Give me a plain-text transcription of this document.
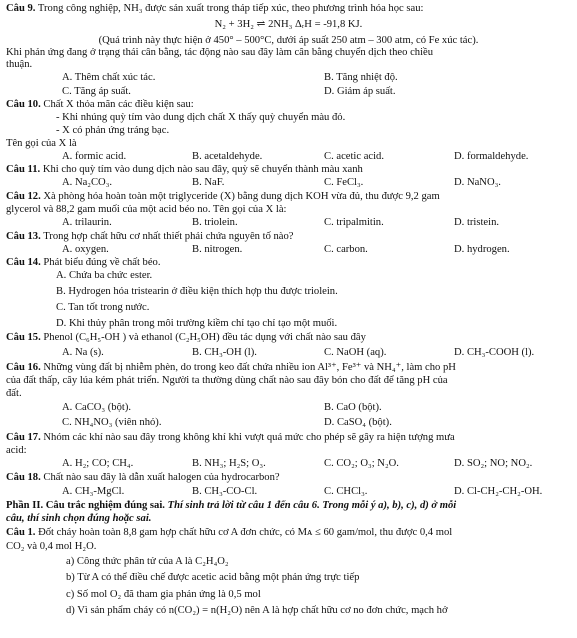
Câu 9. Trong công nghiệp, NH₃ được sản xuất trong tháp tiếp xúc, theo phương trình hóa học sau:
N₂ + 3H₂ ⇌ 2NH₃ ΔᵣH = -91,8 KJ.
(Quá trình này thực hiện ở 450° – 500°C, dưới áp suất 250 atm – 300 atm, có Fe xúc tác).
Khi phản ứng đang ở trạng thái cân bằng, tác động nào sau đây làm cân bằng chuyển dịch theo chiều
thuận.
A. Thêm chất xúc tác.	B. Tăng nhiệt độ.
C. Tăng áp suất.	D. Giảm áp suất.
Câu 10. Chất X thỏa mãn các điều kiện sau:
- Khi nhúng quỳ tím vào dung dịch chất X thấy quỳ chuyển màu đỏ.
- X có phản ứng tráng bạc.
Tên gọi của X là
A. formic acid.	B. acetaldehyde.	C. acetic acid.	D. formaldehyde.
Câu 11. Khi cho quỳ tím vào dung dịch nào sau đây, quỳ sẽ chuyển thành màu xanh
A. Na₂CO₃.	B. NaF.	C. FeCl₃.	D. NaNO₃.
Câu 12. Xà phòng hóa hoàn toàn một triglyceride (X) bằng dung dịch KOH vừa đủ, thu được 9,2 gam
glycerol và 88,2 gam muối của một acid béo no. Tên gọi của X là:
A. trilaurin.	B. triolein.	C. tripalmitin.	D. tristein.
Câu 13. Trong hợp chất hữu cơ nhất thiết phải chứa nguyên tố nào?
A. oxygen.	B. nitrogen.	C. carbon.	D. hydrogen.
Câu 14. Phát biểu đúng về chất béo.
A. Chứa ba chức ester.
B. Hydrogen hóa tristearin ở điều kiện thích hợp thu được triolein.
C. Tan tốt trong nước.
D. Khi thủy phân trong môi trường kiềm chỉ tạo chỉ tạo một muối.
Câu 15. Phenol (C₆H₅-OH ) và ethanol (C₂H₅OH) đều tác dụng với chất nào sau đây
A. Na (s).	B. CH₃-OH (l).	C. NaOH (aq).	D. CH₃-COOH (l).
Câu 16. Những vùng đất bị nhiễm phèn, do trong keo đất chứa nhiều ion Al³⁺, Fe³⁺ và NH₄⁺, làm cho pH
của đất thấp, cây lúa kém phát triển. Người ta thường dùng chất nào sau đây bón cho đất để tăng pH của
đất.
A. CaCO₃ (bột).	B. CaO (bột).
C. NH₄NO₃ (viên nhỏ).	D. CaSO₄ (bột).
Câu 17. Nhóm các khí nào sau đây trong không khí khi vượt quá mức cho phép sẽ gây ra hiện tượng mưa
acid:
A. H₂; CO; CH₄.	B. NH₃; H₂S; O₃.	C. CO₂; O₃; N₂O.	D. SO₂; NO; NO₂.
Câu 18. Chất nào sau đây là dẫn xuất halogen của hydrocarbon?
A. CH₃-MgCl.	B. CH₃-CO-Cl.	C. CHCl₃.	D. Cl-CH₂-CH₂-OH.
Phần II. Câu trắc nghiệm đúng sai. Thí sinh trả lời từ câu 1 đến câu 6. Trong mỗi ý a), b), c), d) ở mỗi
câu, thí sinh chọn đúng hoặc sai.
Câu 1. Đốt cháy hoàn toàn 8,8 gam hợp chất hữu cơ A đơn chức, có Mᴀ ≤ 60 gam/mol, thu được 0,4 mol
CO₂ và 0,4 mol H₂O.
a) Công thức phân tử của A là C₂H₄O₂
b) Từ A có thể điều chế được acetic acid bằng một phản ứng trực tiếp
c) Số mol O₂ đã tham gia phản ứng là 0,5 mol
d) Vì sản phẩm cháy có n(CO₂) = n(H₂O) nên A là hợp chất hữu cơ no đơn chức, mạch hở
